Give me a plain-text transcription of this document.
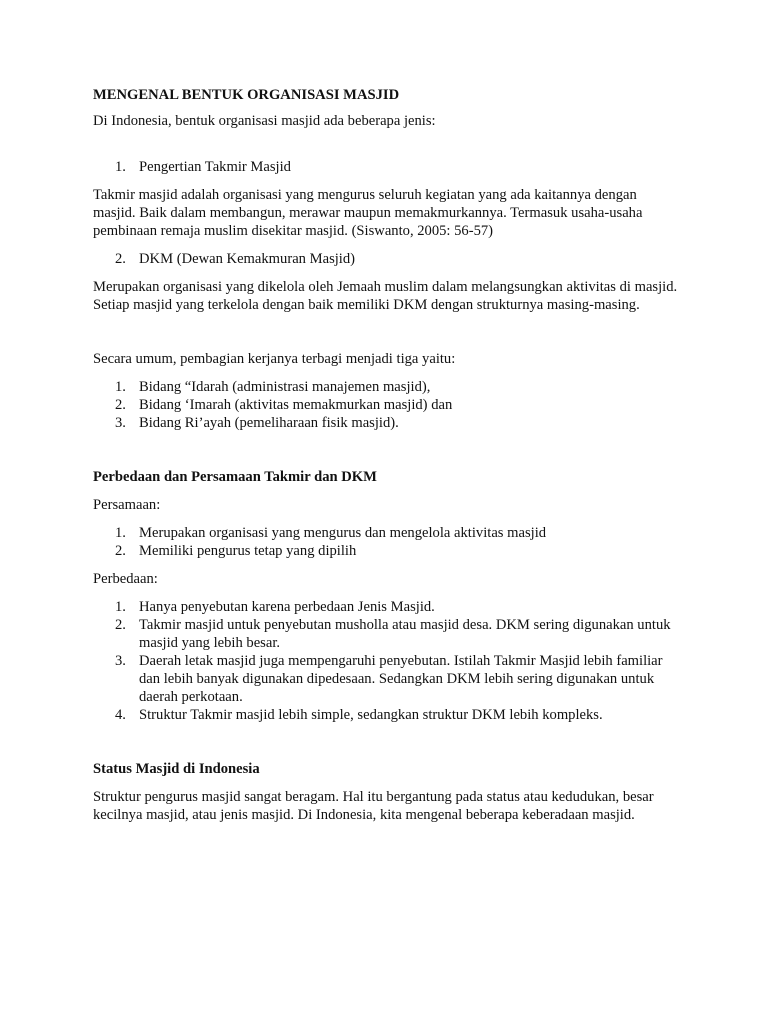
MENGENAL BENTUK ORGANISASI MASJID

Di Indonesia, bentuk organisasi masjid ada beberapa jenis:

1. Pengertian Takmir Masjid

Takmir masjid adalah organisasi yang mengurus seluruh kegiatan yang ada kaitannya dengan masjid. Baik dalam membangun, merawar maupun memakmurkannya. Termasuk usaha-usaha pembinaan remaja muslim disekitar masjid. (Siswanto, 2005: 56-57)

2. DKM (Dewan Kemakmuran Masjid)

Merupakan organisasi yang dikelola oleh Jemaah muslim dalam melangsungkan aktivitas di masjid. Setiap masjid yang terkelola dengan baik memiliki DKM dengan strukturnya masing-masing.

Secara umum, pembagian kerjanya terbagi menjadi tiga yaitu:

1. Bidang “Idarah (administrasi manajemen masjid),
2. Bidang ‘Imarah (aktivitas memakmurkan masjid) dan
3. Bidang Ri’ayah (pemeliharaan fisik masjid).
Perbedaan dan Persamaan Takmir dan DKM

Persamaan:

1. Merupakan organisasi yang mengurus dan mengelola aktivitas masjid
2. Memiliki pengurus tetap yang dipilih

Perbedaan:

1. Hanya penyebutan karena perbedaan Jenis Masjid.
2. Takmir masjid untuk penyebutan musholla atau masjid desa. DKM sering digunakan untuk masjid yang lebih besar.
3. Daerah letak masjid juga mempengaruhi penyebutan. Istilah Takmir Masjid lebih familiar dan lebih banyak digunakan dipedesaan. Sedangkan DKM lebih sering digunakan untuk daerah perkotaan.
4. Struktur Takmir masjid lebih simple, sedangkan struktur DKM lebih kompleks.
Status Masjid di Indonesia

Struktur pengurus masjid sangat beragam. Hal itu bergantung pada status atau kedudukan, besar kecilnya masjid, atau jenis masjid. Di Indonesia, kita mengenal beberapa keberadaan masjid.
